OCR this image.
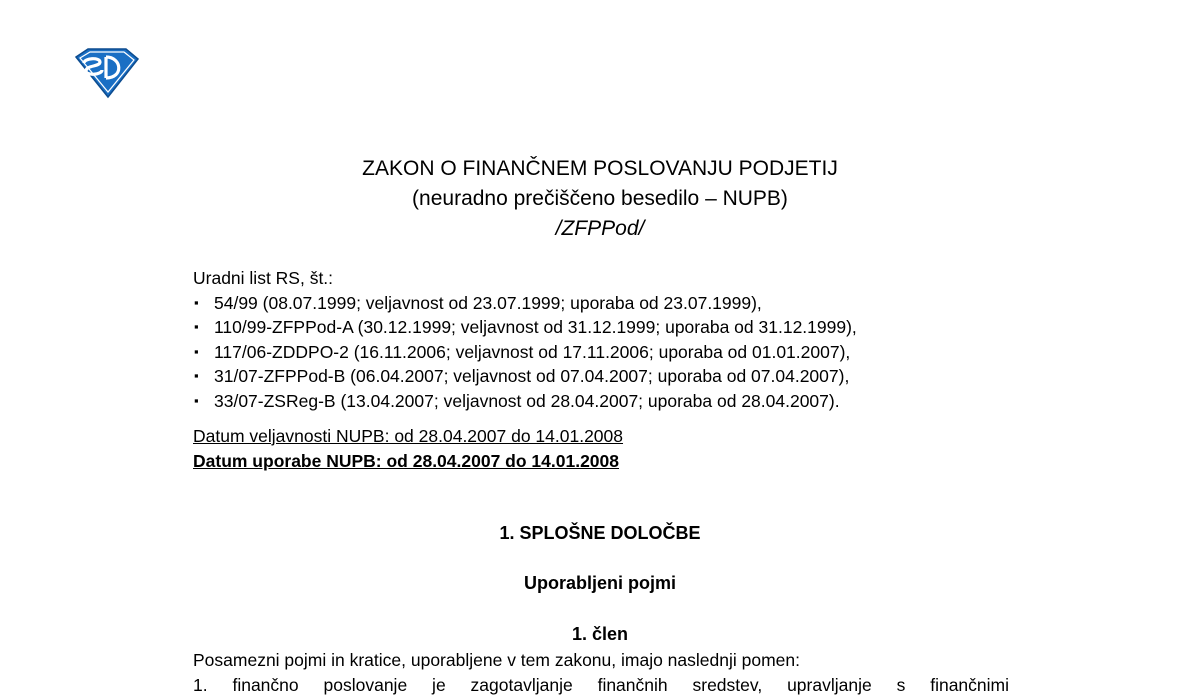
ZAKON O FINANČNEM POSLOVANJU PODJETIJ
(neuradno prečiščeno besedilo – NUPB)
/ZFPPod/
Uradni list RS, št.:
▪ 54/99 (08.07.1999; veljavnost od 23.07.1999; uporaba od 23.07.1999),
▪ 110/99-ZFPPod-A (30.12.1999; veljavnost od 31.12.1999; uporaba od 31.12.1999),
▪ 117/06-ZDDPO-2 (16.11.2006; veljavnost od 17.11.2006; uporaba od 01.01.2007),
▪ 31/07-ZFPPod-B (06.04.2007; veljavnost od 07.04.2007; uporaba od 07.04.2007),
▪ 33/07-ZSReg-B (13.04.2007; veljavnost od 28.04.2007; uporaba od 28.04.2007).
Datum veljavnosti NUPB: od 28.04.2007 do 14.01.2008
Datum uporabe NUPB: od 28.04.2007 do 14.01.2008
1. SPLOŠNE DOLOČBE
Uporabljeni pojmi
1. člen
Posamezni pojmi in kratice, uporabljene v tem zakonu, imajo naslednji pomen:
1. finančno poslovanje je zagotavljanje finančnih sredstev, upravljanje s finančnimi
